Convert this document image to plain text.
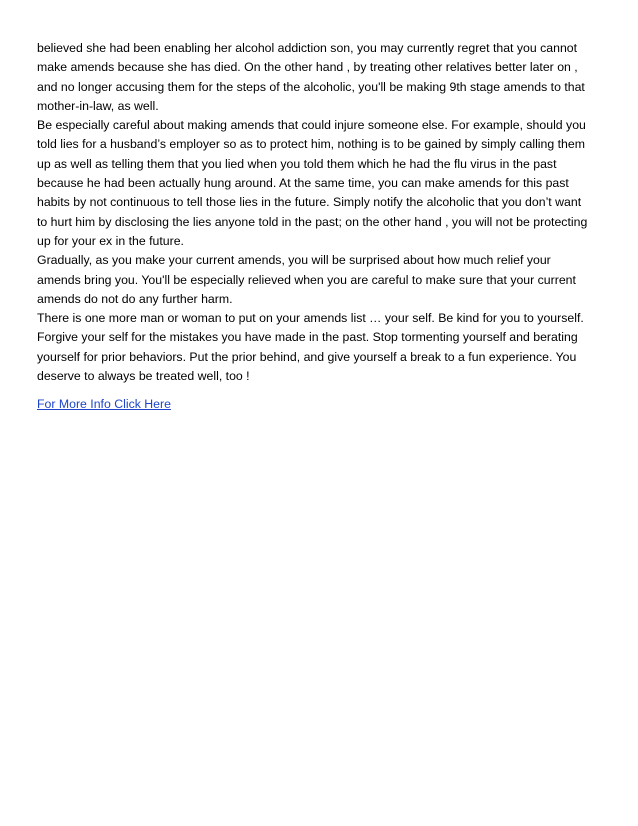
believed she had been enabling her alcohol addiction son, you may currently regret that you cannot
make amends because she has died. On the other hand , by treating other relatives better later on ,
and no longer accusing them for the steps of the alcoholic, you'll be making 9th stage amends to that
mother-in-law, as well.

Be especially careful about making amends that could injure someone else. For example, should you
told lies for a husband’s employer so as to protect him, nothing is to be gained by simply calling them
up as well as telling them that you lied when you told them which he had the flu virus in the past
because he had been actually hung around. At the same time, you can make amends for this past
habits by not continuous to tell those lies in the future. Simply notify the alcoholic that you don’t want
to hurt him by disclosing the lies anyone told in the past; on the other hand , you will not be protecting
up for your ex in the future.

Gradually, as you make your current amends, you will be surprised about how much relief your
amends bring you. You'll be especially relieved when you are careful to make sure that your current
amends do not do any further harm.

There is one more man or woman to put on your amends list … your self. Be kind for you to yourself.
Forgive your self for the mistakes you have made in the past. Stop tormenting yourself and berating
yourself for prior behaviors. Put the prior behind, and give yourself a break to a fun experience. You
deserve to always be treated well, too !

For More Info Click Here
